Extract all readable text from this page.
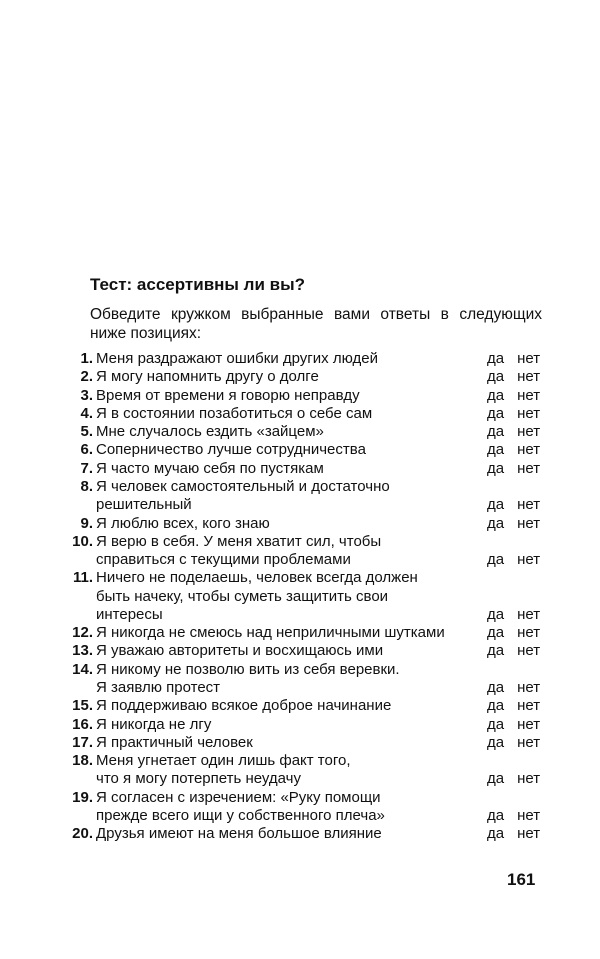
Тест: ассертивны ли вы?
Обведите кружком выбранные вами ответы в следующих ниже позициях:
1. Меня раздражают ошибки других людей	да нет
2. Я могу напомнить другу о долге	да нет
3. Время от времени я говорю неправду	да нет
4. Я в состоянии позаботиться о себе сам	да нет
5. Мне случалось ездить «зайцем»	да нет
6. Соперничество лучше сотрудничества	да нет
7. Я часто мучаю себя по пустякам	да нет
8. Я человек самостоятельный и достаточно
решительный	да нет
9. Я люблю всех, кого знаю	да нет
10. Я верю в себя. У меня хватит сил, чтобы
справиться с текущими проблемами	да нет
11. Ничего не поделаешь, человек всегда должен
быть начеку, чтобы суметь защитить свои
интересы	да нет
12. Я никогда не смеюсь над неприличными шутками	да нет
13. Я уважаю авторитеты и восхищаюсь ими	да нет
14. Я никому не позволю вить из себя веревки.
Я заявлю протест	да нет
15. Я поддерживаю всякое доброе начинание	да нет
16. Я никогда не лгу	да нет
17. Я практичный человек	да нет
18. Меня угнетает один лишь факт того,
что я могу потерпеть неудачу	да нет
19. Я согласен с изречением: «Руку помощи
прежде всего ищи у собственного плеча»	да нет
20. Друзья имеют на меня большое влияние	да нет
161
